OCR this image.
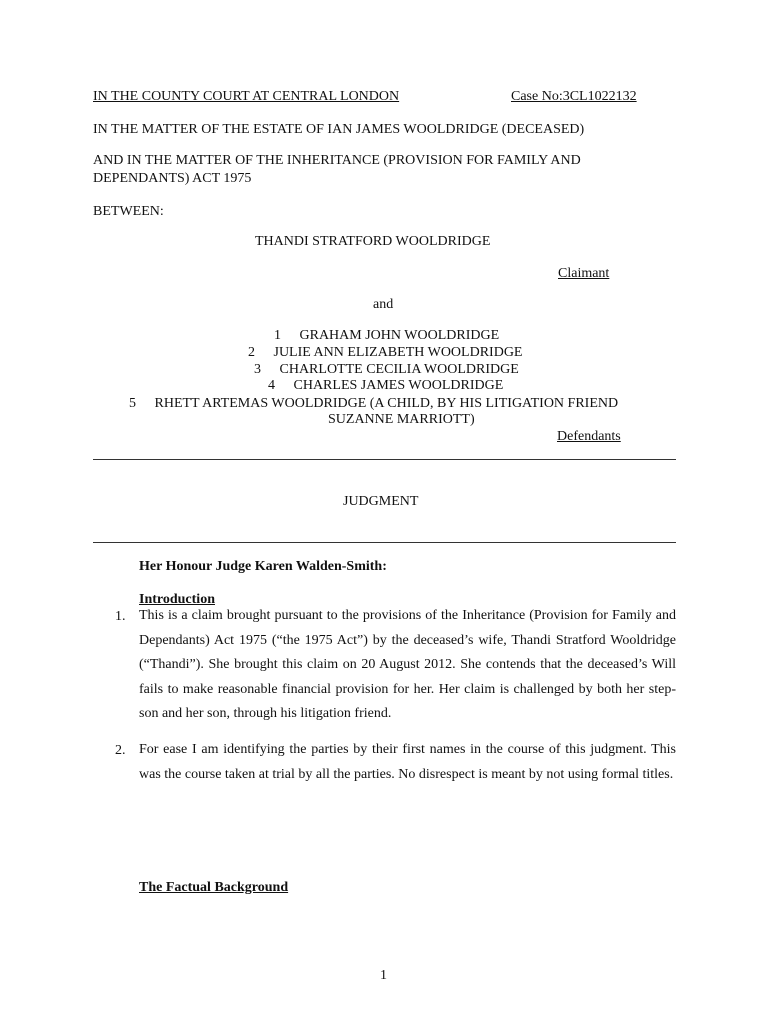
IN THE COUNTY COURT AT CENTRAL LONDON	Case No:3CL1022132
IN THE MATTER OF THE ESTATE OF IAN JAMES WOOLDRIDGE (DECEASED)
AND IN THE MATTER OF THE INHERITANCE (PROVISION FOR FAMILY AND
DEPENDANTS) ACT 1975
BETWEEN:
THANDI STRATFORD WOOLDRIDGE
Claimant
and
1 GRAHAM JOHN WOOLDRIDGE
2 JULIE ANN ELIZABETH WOOLDRIDGE
3 CHARLOTTE CECILIA WOOLDRIDGE
4 CHARLES JAMES WOOLDRIDGE
5 RHETT ARTEMAS WOOLDRIDGE (A CHILD, BY HIS LITIGATION FRIEND
SUZANNE MARRIOTT)
Defendants
JUDGMENT
Her Honour Judge Karen Walden-Smith:
Introduction
1. This is a claim brought pursuant to the provisions of the Inheritance (Provision for Family and Dependants) Act 1975 (“the 1975 Act”) by the deceased’s wife, Thandi Stratford Wooldridge (“Thandi”). She brought this claim on 20 August 2012. She contends that the deceased’s Will fails to make reasonable financial provision for her. Her claim is challenged by both her step-son and her son, through his litigation friend.
2. For ease I am identifying the parties by their first names in the course of this judgment. This was the course taken at trial by all the parties. No disrespect is meant by not using formal titles.
The Factual Background
1
